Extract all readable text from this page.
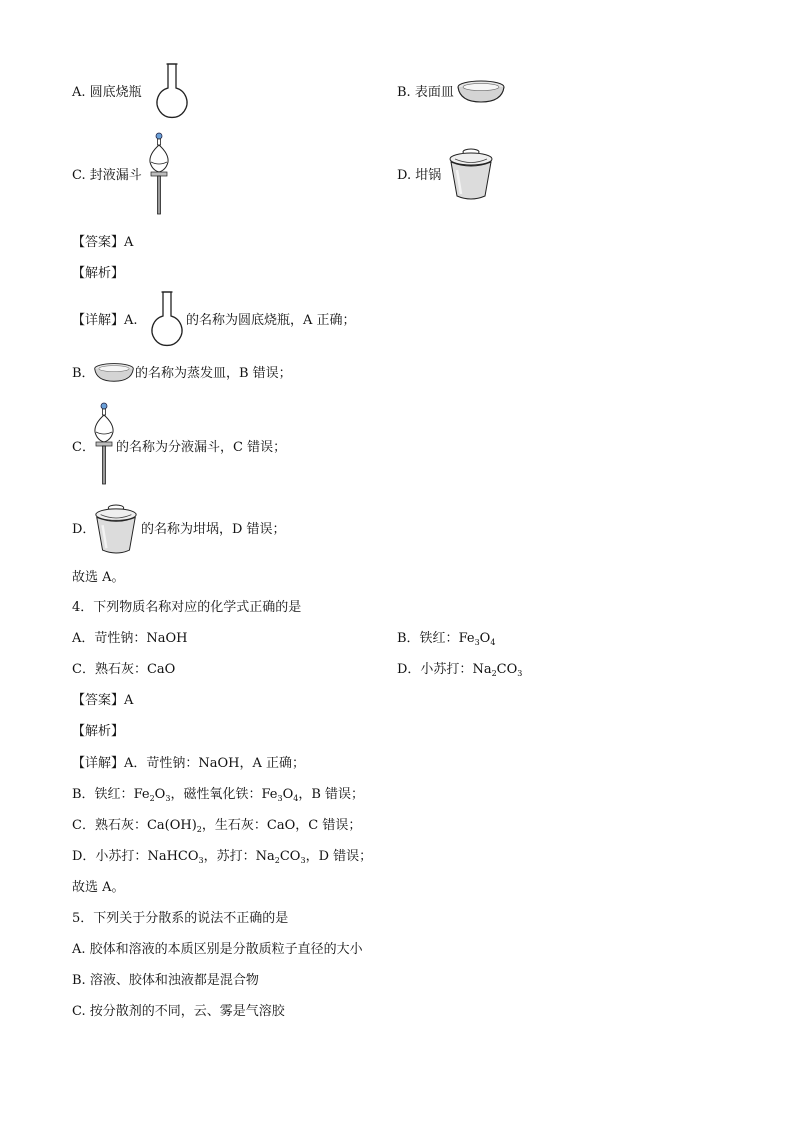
A. 圆底烧瓶	B. 表面皿
C. 封液漏斗	D. 坩锅
【答案】A
【解析】
【详解】A.	的名称为圆底烧瓶，A 正确；
B．	的名称为蒸发皿，B 错误；
C． 的名称为分液漏斗，C 错误；
D．	的名称为坩埚，D 错误；
故选 A。
4．下列物质名称对应的化学式正确的是
A．苛性钠：NaOH	B．铁红：$Fe_3O_4$
C．熟石灰：CaO	D．小苏打：$Na_2CO_3$
【答案】A
【解析】
【详解】A．苛性钠：NaOH，A 正确；
B．铁红：$Fe_2O_3$，磁性氧化铁：$Fe_3O_4$，B 错误；
C．熟石灰：$Ca(OH)_2$，生石灰：CaO，C 错误；
D．小苏打：NaHCO$_3$，苏打：$Na_2CO_3$，D 错误；
故选 A。
5．下列关于分散系的说法不正确的是
A. 胶体和溶液的本质区别是分散质粒子直径的大小
B. 溶液、胶体和浊液都是混合物
C. 按分散剂的不同，云、雾是气溶胶
